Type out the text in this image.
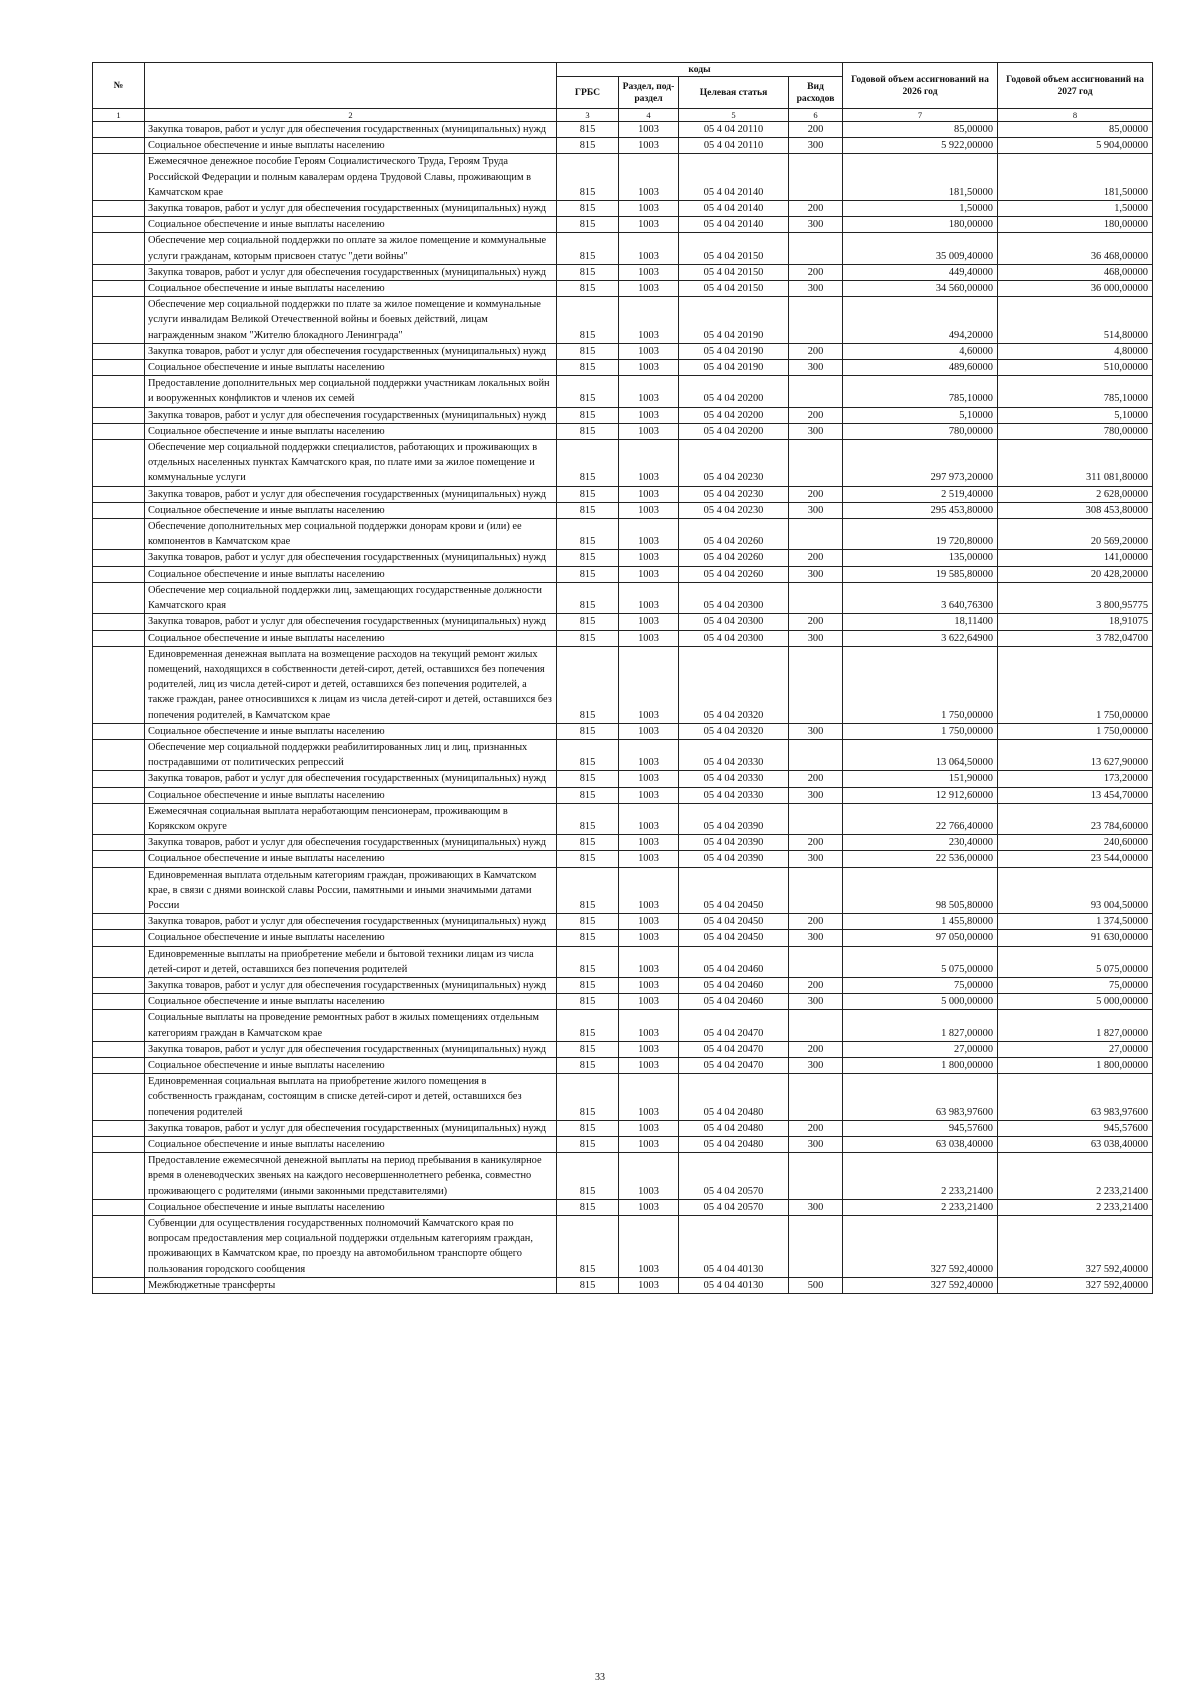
№		коды				Годовой объем ассигнований на 2026 год	Годовой объем ассигнований на 2027 год
		ГРБС	Раздел, под-раздел	Целевая статья	Вид расходов		
1	2	3	4	5	6	7	8
	Закупка товаров, работ и услуг для обеспечения государственных (муниципальных) нужд	815	1003	05 4 04 20110	200	85,00000	85,00000
	Социальное обеспечение и иные выплаты населению	815	1003	05 4 04 20110	300	5 922,00000	5 904,00000
	Ежемесячное денежное пособие Героям Социалистического Труда, Героям Труда Российской Федерации и полным кавалерам ордена Трудовой Славы, проживающим в Камчатском крае	815	1003	05 4 04 20140		181,50000	181,50000
	Закупка товаров, работ и услуг для обеспечения государственных (муниципальных) нужд	815	1003	05 4 04 20140	200	1,50000	1,50000
	Социальное обеспечение и иные выплаты населению	815	1003	05 4 04 20140	300	180,00000	180,00000
	Обеспечение мер социальной поддержки по оплате за жилое помещение и коммунальные услуги гражданам, которым присвоен статус "дети войны"	815	1003	05 4 04 20150		35 009,40000	36 468,00000
	Закупка товаров, работ и услуг для обеспечения государственных (муниципальных) нужд	815	1003	05 4 04 20150	200	449,40000	468,00000
	Социальное обеспечение и иные выплаты населению	815	1003	05 4 04 20150	300	34 560,00000	36 000,00000
	Обеспечение мер социальной поддержки по плате за жилое помещение и коммунальные услуги инвалидам Великой Отечественной войны и боевых действий, лицам награжденным знаком "Жителю блокадного Ленинграда"	815	1003	05 4 04 20190		494,20000	514,80000
	Закупка товаров, работ и услуг для обеспечения государственных (муниципальных) нужд	815	1003	05 4 04 20190	200	4,60000	4,80000
	Социальное обеспечение и иные выплаты населению	815	1003	05 4 04 20190	300	489,60000	510,00000
	Предоставление дополнительных мер социальной поддержки участникам локальных войн и вооруженных конфликтов и членов их семей	815	1003	05 4 04 20200		785,10000	785,10000
	Закупка товаров, работ и услуг для обеспечения государственных (муниципальных) нужд	815	1003	05 4 04 20200	200	5,10000	5,10000
	Социальное обеспечение и иные выплаты населению	815	1003	05 4 04 20200	300	780,00000	780,00000
	Обеспечение мер социальной поддержки специалистов, работающих и проживающих в отдельных населенных пунктах Камчатского края, по плате ими за жилое помещение и коммунальные услуги	815	1003	05 4 04 20230		297 973,20000	311 081,80000
	Закупка товаров, работ и услуг для обеспечения государственных (муниципальных) нужд	815	1003	05 4 04 20230	200	2 519,40000	2 628,00000
	Социальное обеспечение и иные выплаты населению	815	1003	05 4 04 20230	300	295 453,80000	308 453,80000
	Обеспечение дополнительных мер социальной поддержки донорам крови и (или) ее компонентов в Камчатском крае	815	1003	05 4 04 20260		19 720,80000	20 569,20000
	Закупка товаров, работ и услуг для обеспечения государственных (муниципальных) нужд	815	1003	05 4 04 20260	200	135,00000	141,00000
	Социальное обеспечение и иные выплаты населению	815	1003	05 4 04 20260	300	19 585,80000	20 428,20000
	Обеспечение мер социальной поддержки лиц, замещающих государственные должности Камчатского края	815	1003	05 4 04 20300		3 640,76300	3 800,95775
	Закупка товаров, работ и услуг для обеспечения государственных (муниципальных) нужд	815	1003	05 4 04 20300	200	18,11400	18,91075
	Социальное обеспечение и иные выплаты населению	815	1003	05 4 04 20300	300	3 622,64900	3 782,04700
	Единовременная денежная выплата на возмещение расходов на текущий ремонт жилых помещений, находящихся в собственности детей-сирот, детей, оставшихся без попечения родителей, лиц из числа детей-сирот и детей, оставшихся без попечения родителей, а также граждан, ранее относившихся к лицам из числа детей-сирот и детей, оставшихся без попечения родителей, в Камчатском крае	815	1003	05 4 04 20320		1 750,00000	1 750,00000
	Социальное обеспечение и иные выплаты населению	815	1003	05 4 04 20320	300	1 750,00000	1 750,00000
	Обеспечение мер социальной поддержки реабилитированных лиц и лиц, признанных пострадавшими от политических репрессий	815	1003	05 4 04 20330		13 064,50000	13 627,90000
	Закупка товаров, работ и услуг для обеспечения государственных (муниципальных) нужд	815	1003	05 4 04 20330	200	151,90000	173,20000
	Социальное обеспечение и иные выплаты населению	815	1003	05 4 04 20330	300	12 912,60000	13 454,70000
	Ежемесячная социальная выплата неработающим пенсионерам, проживающим в Корякском округе	815	1003	05 4 04 20390		22 766,40000	23 784,60000
	Закупка товаров, работ и услуг для обеспечения государственных (муниципальных) нужд	815	1003	05 4 04 20390	200	230,40000	240,60000
	Социальное обеспечение и иные выплаты населению	815	1003	05 4 04 20390	300	22 536,00000	23 544,00000
	Единовременная выплата отдельным категориям граждан, проживающих в Камчатском крае, в связи с днями воинской славы России, памятными и иными значимыми датами России	815	1003	05 4 04 20450		98 505,80000	93 004,50000
	Закупка товаров, работ и услуг для обеспечения государственных (муниципальных) нужд	815	1003	05 4 04 20450	200	1 455,80000	1 374,50000
	Социальное обеспечение и иные выплаты населению	815	1003	05 4 04 20450	300	97 050,00000	91 630,00000
	Единовременные выплаты на приобретение мебели и бытовой техники лицам из числа детей-сирот и детей, оставшихся без попечения родителей	815	1003	05 4 04 20460		5 075,00000	5 075,00000
	Закупка товаров, работ и услуг для обеспечения государственных (муниципальных) нужд	815	1003	05 4 04 20460	200	75,00000	75,00000
	Социальное обеспечение и иные выплаты населению	815	1003	05 4 04 20460	300	5 000,00000	5 000,00000
	Социальные выплаты на проведение ремонтных работ в жилых помещениях отдельным категориям граждан в Камчатском крае	815	1003	05 4 04 20470		1 827,00000	1 827,00000
	Закупка товаров, работ и услуг для обеспечения государственных (муниципальных) нужд	815	1003	05 4 04 20470	200	27,00000	27,00000
	Социальное обеспечение и иные выплаты населению	815	1003	05 4 04 20470	300	1 800,00000	1 800,00000
	Единовременная социальная выплата на приобретение жилого помещения в собственность гражданам, состоящим в списке детей-сирот и детей, оставшихся без попечения родителей	815	1003	05 4 04 20480		63 983,97600	63 983,97600
	Закупка товаров, работ и услуг для обеспечения государственных (муниципальных) нужд	815	1003	05 4 04 20480	200	945,57600	945,57600
	Социальное обеспечение и иные выплаты населению	815	1003	05 4 04 20480	300	63 038,40000	63 038,40000
	Предоставление ежемесячной денежной выплаты на период пребывания в каникулярное время в оленеводческих звеньях на каждого несовершеннолетнего ребенка, совместно проживающего с родителями (иными законными представителями)	815	1003	05 4 04 20570		2 233,21400	2 233,21400
	Социальное обеспечение и иные выплаты населению	815	1003	05 4 04 20570	300	2 233,21400	2 233,21400
	Субвенции для осуществления государственных полномочий Камчатского края по вопросам предоставления мер социальной поддержки отдельным категориям граждан, проживающих в Камчатском крае, по проезду на автомобильном транспорте общего пользования городского сообщения	815	1003	05 4 04 40130		327 592,40000	327 592,40000
	Межбюджетные трансферты	815	1003	05 4 04 40130	500	327 592,40000	327 592,40000
33
